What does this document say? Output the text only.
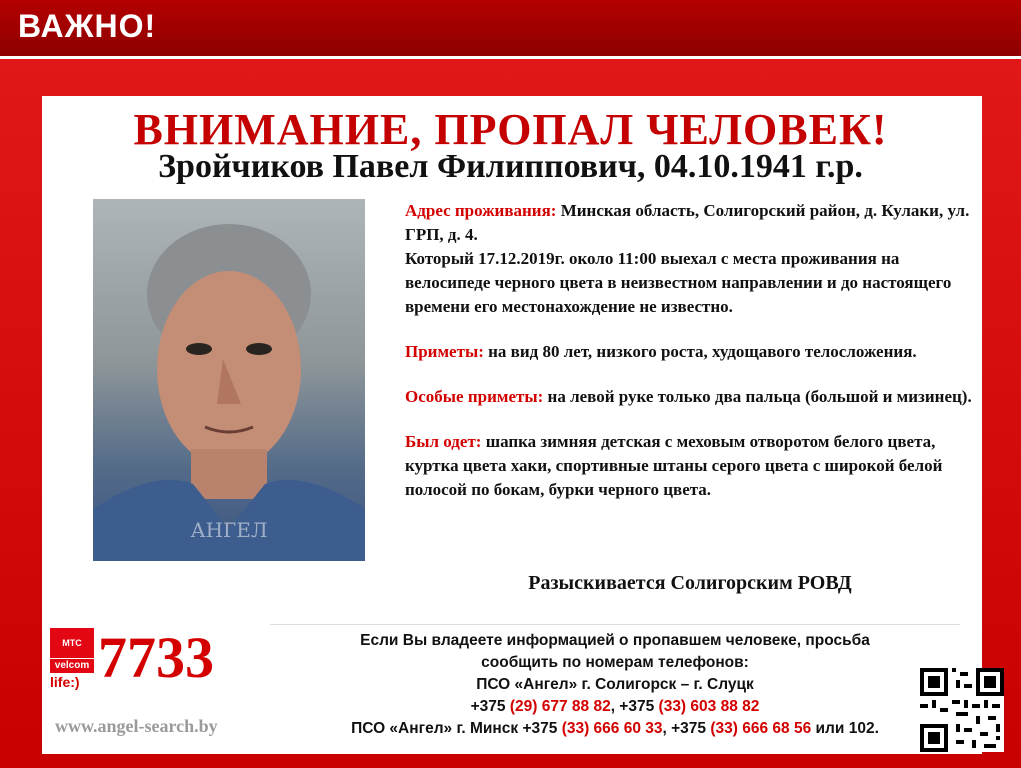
ВАЖНО!
ВНИМАНИЕ, ПРОПАЛ ЧЕЛОВЕК!
Зройчиков Павел Филиппович, 04.10.1941 г.р.
АНГЕЛ

Адрес проживания: Минская область, Солигорский район, д. Кулаки, ул. ГРП, д. 4.
Который 17.12.2019г. около 11:00 выехал с места проживания на велосипеде черного цвета в неизвестном направлении и до настоящего времени его местонахождение не известно.

Приметы: на вид 80 лет, низкого роста, худощавого телосложения.

Особые приметы: на левой руке только два пальца (большой и мизинец).

Был одет: шапка зимняя детская с меховым отворотом белого цвета, куртка цвета хаки, спортивные штаны серого цвета с широкой белой полосой по бокам, бурки черного цвета.

Разыскивается Солигорским РОВД
МТС
velcom
life:) 7733	Если Вы владеете информацией о пропавшем человеке, просьба
сообщить по номерам телефонов:
ПСО «Ангел» г. Солигорск – г. Слуцк
+375 (29) 677 88 82, +375 (33) 603 88 82
ПСО «Ангел» г. Минск +375 (33) 666 60 33, +375 (33) 666 68 56 или 102.
www.angel-search.by
